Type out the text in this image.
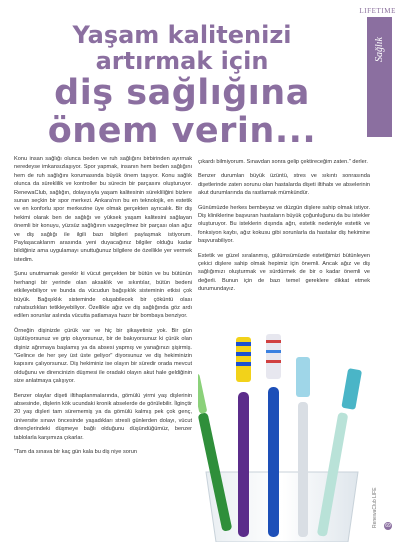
LIFETIME
Sağlık
Yaşam kalitenizi
artırmak için
diş sağlığına
önem verin...

Konu insan sağlığı olunca beden ve ruh sağlığını birbirinden ayırmak neredeyse imkansızlaşıyor. Spor yapmak, insanın hem beden sağlığını hem de ruh sağlığını korumasında büyük önem taşıyor. Konu sağlık olunca da süreklilik ve kontroller bu sürecin bir parçasını oluşturuyor. RenewaClub, sağlığın, dolayısıyla yaşam kalitesinin sürekliliğini bizlere sunan seçkin bir spor merkezi. Ankara'nın bu en teknolojik, en estetik ve en konforlu spor merkezine üye olmak gerçekten ayrıcalık. Bir diş hekimi olarak ben de sağlığı ve yüksek yaşam kalitesini sağlayan önemli bir konuyu, yüzsüz sağlığının vazgeçilmez bir parçası olan ağız ve diş sağlığı ile ilgili bazı bilgileri paylaşmak istiyorum. Paylaşacaklarım arasında yeni duyacağınız bilgiler olduğu kadar bildiğiniz ama uygulamayı unuttuğunuz bilgilere de özellikle yer vermek istedim.

Şunu unutmamak gerekir ki vücut gerçekten bir bütün ve bu bütünün herhangi bir yerinde olan aksaklık ve sıkıntılar, bütün bedeni etkileyebiliyor ve bunda da vücudun bağışıklık sisteminin etkisi çok büyük. Bağışıklık sisteminde oluşabilecek bir çöküntü olası rahatsızlıkları tetikleyebiliyor. Özellikle ağız ve diş sağlığında göz ardı edilen sorunlar aslında vücutta patlamaya hazır bir bombaya benziyor.

Örneğin dişinizde çürük var ve hiç bir şikayetiniz yok. Bir gün üşütüyorsunuz ve grip oluyorsunuz, bir de bakıyorsunuz ki çürük olan dişiniz ağrımaya başlamış ya da absesi yapmış ve yanağınızı şişirmiş. "Gelince de her şey üst üste geliyor" diyorsunuz ve diş hekiminizin kapısını çalıyorsunuz. Diş hekiminiz ise olayın bir süredir orada mevcut olduğunu ve direncinizin düşmesi ile oradaki olayın akut hale geldiğinin size anlatmaya çalışıyor.

Benzer olaylar dişeti iltihaplanmalarında, gömülü yirmi yaş dişlerinin absesinde, dişlerin kök ucundaki kronik abselerde de görülebilir. İlginçtir 20 yaş dişleri tam sürememiş ya da gömülü kalmış pek çok genç, üniversite sınavı öncesinde yaşadıkları stresli günlerden dolayı, vücut dirençlerindeki düşmeye bağlı olduğunu düşündüğümüz, benzer tablolarla karşımıza çıkarlar.

"Tam da sınava bir kaç gün kala bu diş niye sorun

çıkardı bilmiyorum. Sınavdan sonra gelip çektireceğim zaten." derler.

Benzer durumları büyük üzüntü, stres ve sıkıntı sonrasında dişetlerinde zaten sorunu olan hastalarda dişeti iltihabı ve abselerinin akut durumlarında da rastlamak mümkündür.

Günümüzde herkes bembeyaz ve düzgün dişlere sahip olmak istiyor. Diş kliniklerine başvuran hastaların büyük çoğunluğunu da bu istekler oluşturuyor. Bu isteklerin dışında ağrı, estetik nedeniyle estetik ve fonksiyon kaybı, ağız kokusu gibi sorunlarla da hastalar diş hekimine başvurabiliyor.

Estetik ve güzel sıralanmış, gülümsümüzde estetiğimizi bütünleyen çekici dişlere sahip olmak hepimiz için önemli. Ancak ağız ve diş sağlığımızı oluşturmak ve sürdürmek de bir o kadar önemli ve değerli. Bunun için de bazı temel gereklere dikkat etmek durumundayız.

RenewaClub LIFE	69
